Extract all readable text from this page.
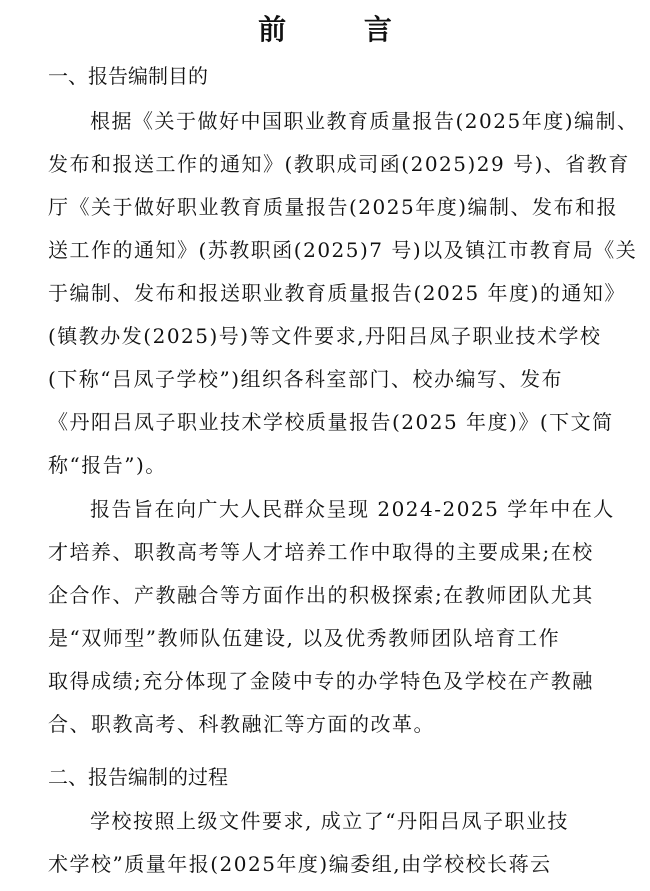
前 言
一、报告编制目的
根据《关于做好中国职业教育质量报告(2025年度)编制、
发布和报送工作的通知》(教职成司函(2025)29 号)、省教育
厅《关于做好职业教育质量报告(2025年度)编制、发布和报
送工作的通知》(苏教职函(2025)7 号)以及镇江市教育局《关
于编制、发布和报送职业教育质量报告(2025 年度)的通知》
(镇教办发(2025)号)等文件要求,丹阳吕凤子职业技术学校
(下称“吕凤子学校”)组织各科室部门、校办编写、发布
《丹阳吕凤子职业技术学校质量报告(2025 年度)》(下文简
称“报告”)。
报告旨在向广大人民群众呈现 2024-2025 学年中在人
才培养、职教高考等人才培养工作中取得的主要成果;在校
企合作、产教融合等方面作出的积极探索;在教师团队尤其
是“双师型”教师队伍建设, 以及优秀教师团队培育工作
取得成绩;充分体现了金陵中专的办学特色及学校在产教融
合、职教高考、科教融汇等方面的改革。
二、报告编制的过程
学校按照上级文件要求, 成立了“丹阳吕凤子职业技
术学校”质量年报(2025年度)编委组,由学校校长蒋云
